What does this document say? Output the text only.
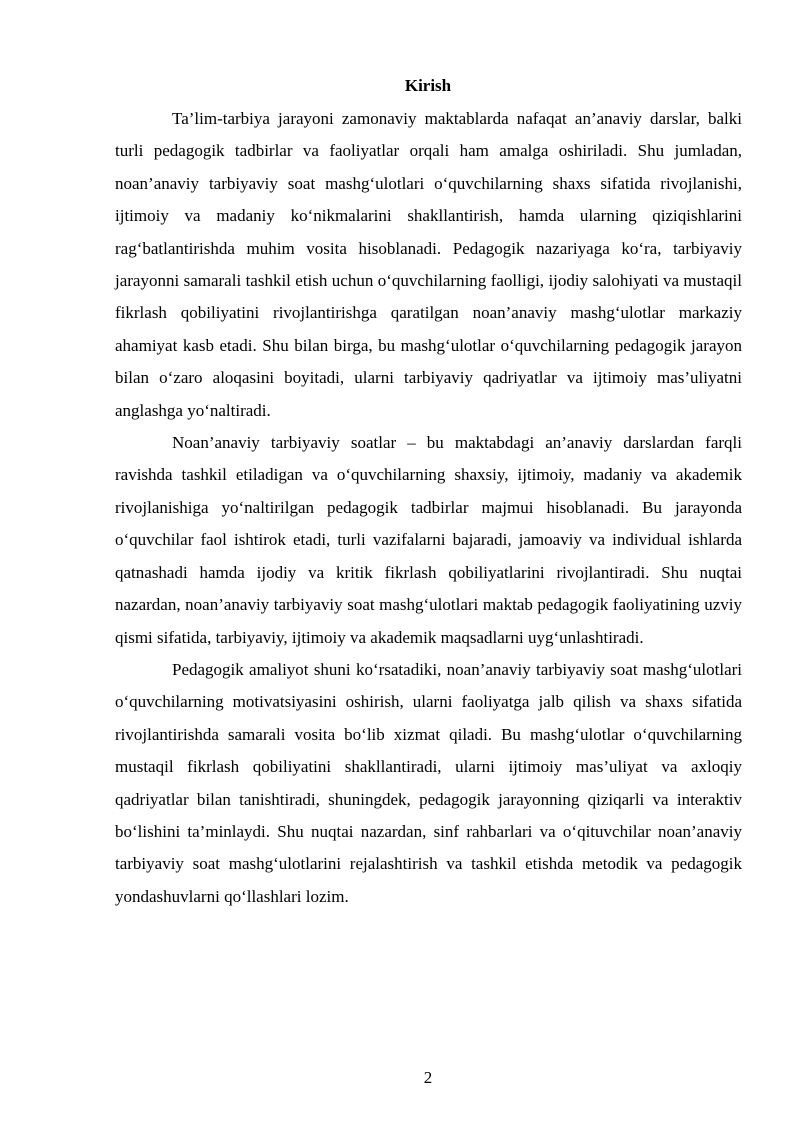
Kirish

Ta’lim-tarbiya jarayoni zamonaviy maktablarda nafaqat an’anaviy darslar, balki turli pedagogik tadbirlar va faoliyatlar orqali ham amalga oshiriladi. Shu jumladan, noan’anaviy tarbiyaviy soat mashg‘ulotlari o‘quvchilarning shaxs sifatida rivojlanishi, ijtimoiy va madaniy ko‘nikmalarini shakllantirish, hamda ularning qiziqishlarini rag‘batlantirishda muhim vosita hisoblanadi. Pedagogik nazariyaga ko‘ra, tarbiyaviy jarayonni samarali tashkil etish uchun o‘quvchilarning faolligi, ijodiy salohiyati va mustaqil fikrlash qobiliyatini rivojlantirishga qaratilgan noan’anaviy mashg‘ulotlar markaziy ahamiyat kasb etadi. Shu bilan birga, bu mashg‘ulotlar o‘quvchilarning pedagogik jarayon bilan o‘zaro aloqasini boyitadi, ularni tarbiyaviy qadriyatlar va ijtimoiy mas’uliyatni anglashga yo‘naltiradi.

Noan’anaviy tarbiyaviy soatlar – bu maktabdagi an’anaviy darslardan farqli ravishda tashkil etiladigan va o‘quvchilarning shaxsiy, ijtimoiy, madaniy va akademik rivojlanishiga yo‘naltirilgan pedagogik tadbirlar majmui hisoblanadi. Bu jarayonda o‘quvchilar faol ishtirok etadi, turli vazifalarni bajaradi, jamoaviy va individual ishlarda qatnashadi hamda ijodiy va kritik fikrlash qobiliyatlarini rivojlantiradi. Shu nuqtai nazardan, noan’anaviy tarbiyaviy soat mashg‘ulotlari maktab pedagogik faoliyatining uzviy qismi sifatida, tarbiyaviy, ijtimoiy va akademik maqsadlarni uyg‘unlashtiradi.

Pedagogik amaliyot shuni ko‘rsatadiki, noan’anaviy tarbiyaviy soat mashg‘ulotlari o‘quvchilarning motivatsiyasini oshirish, ularni faoliyatga jalb qilish va shaxs sifatida rivojlantirishda samarali vosita bo‘lib xizmat qiladi. Bu mashg‘ulotlar o‘quvchilarning mustaqil fikrlash qobiliyatini shakllantiradi, ularni ijtimoiy mas’uliyat va axloqiy qadriyatlar bilan tanishtiradi, shuningdek, pedagogik jarayonning qiziqarli va interaktiv bo‘lishini ta’minlaydi. Shu nuqtai nazardan, sinf rahbarlari va o‘qituvchilar noan’anaviy tarbiyaviy soat mashg‘ulotlarini rejalashtirish va tashkil etishda metodik va pedagogik yondashuvlarni qo‘llashlari lozim.

2
